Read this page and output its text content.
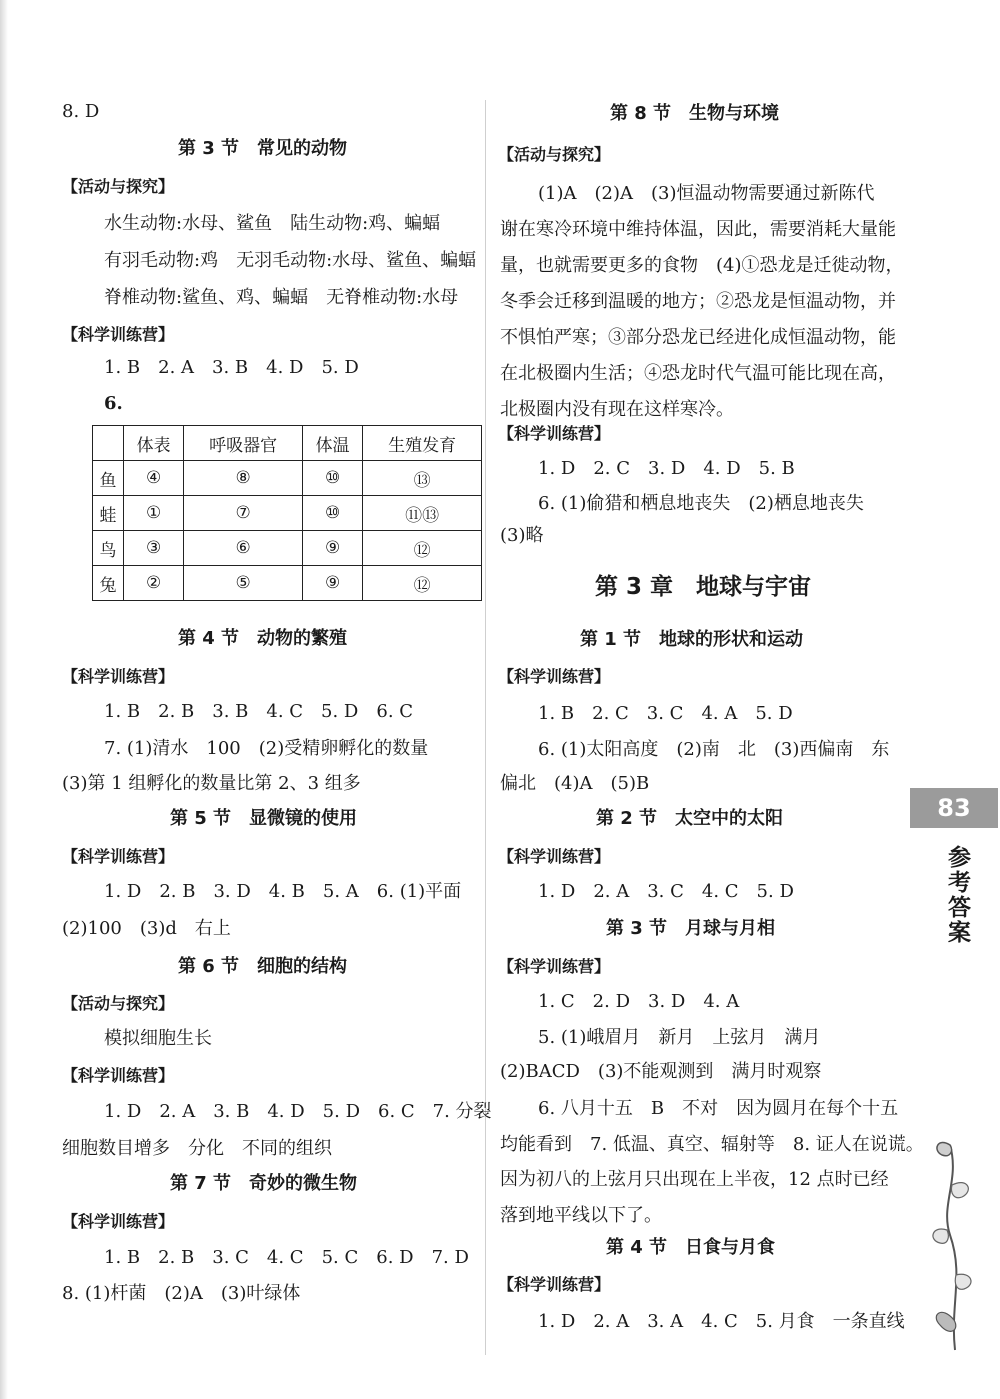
8. D
第 3 节　常见的动物
【活动与探究】
水生动物:水母、鲨鱼　陆生动物:鸡、蝙蝠
有羽毛动物:鸡　无羽毛动物:水母、鲨鱼、蝙蝠
脊椎动物:鲨鱼、鸡、蝙蝠　无脊椎动物:水母
【科学训练营】
1. B　2. A　3. B　4. D　5. D
6.
	体表	呼吸器官	体温	生殖发育
鱼	④	⑧	⑩	⑬
蛙	①	⑦	⑩	⑪⑬
鸟	③	⑥	⑨	⑫
兔	②	⑤	⑨	⑫
第 4 节　动物的繁殖
【科学训练营】
1. B　2. B　3. B　4. C　5. D　6. C
7. (1)清水　100　(2)受精卵孵化的数量
(3)第 1 组孵化的数量比第 2、3 组多
第 5 节　显微镜的使用
【科学训练营】
1. D　2. B　3. D　4. B　5. A　6. (1)平面
(2)100　(3)d　右上
第 6 节　细胞的结构
【活动与探究】
模拟细胞生长
【科学训练营】
1. D　2. A　3. B　4. D　5. D　6. C　7. 分裂
细胞数目增多　分化　不同的组织
第 7 节　奇妙的微生物
【科学训练营】
1. B　2. B　3. C　4. C　5. C　6. D　7. D
8. (1)杆菌　(2)A　(3)叶绿体
第 8 节　生物与环境
【活动与探究】
(1)A　(2)A　(3)恒温动物需要通过新陈代
谢在寒冷环境中维持体温，因此，需要消耗大量能
量，也就需要更多的食物　(4)①恐龙是迁徙动物，
冬季会迁移到温暖的地方；②恐龙是恒温动物，并
不惧怕严寒；③部分恐龙已经进化成恒温动物，能
在北极圈内生活；④恐龙时代气温可能比现在高，
北极圈内没有现在这样寒冷。
【科学训练营】
1. D　2. C　3. D　4. D　5. B
6. (1)偷猎和栖息地丧失　(2)栖息地丧失
(3)略
第 3 章　地球与宇宙
第 1 节　地球的形状和运动
【科学训练营】
1. B　2. C　3. C　4. A　5. D
6. (1)太阳高度　(2)南　北　(3)西偏南　东
偏北　(4)A　(5)B
第 2 节　太空中的太阳
【科学训练营】
1. D　2. A　3. C　4. C　5. D
第 3 节　月球与月相
【科学训练营】
1. C　2. D　3. D　4. A
5. (1)峨眉月　新月　上弦月　满月
(2)BACD　(3)不能观测到　满月时观察
6. 八月十五　B　不对　因为圆月在每个十五
均能看到　7. 低温、真空、辐射等　8. 证人在说谎。
因为初八的上弦月只出现在上半夜，12 点时已经
落到地平线以下了。
第 4 节　日食与月食
【科学训练营】
1. D　2. A　3. A　4. C　5. 月食　一条直线
83
参考答案
